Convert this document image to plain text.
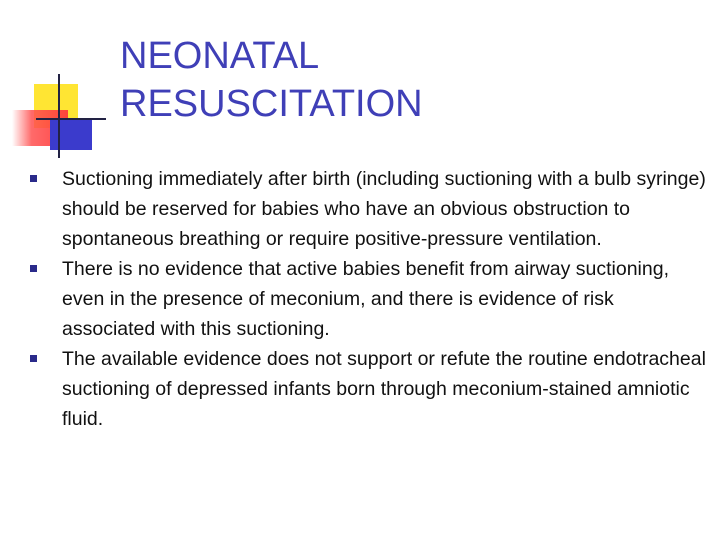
NEONATAL
RESUSCITATION
Suctioning immediately after birth (including suctioning with a bulb syringe) should be reserved for babies who have an obvious obstruction to spontaneous breathing or require positive-pressure ventilation.
There is no evidence that active babies benefit from airway suctioning, even in the presence of meconium, and there is evidence of risk associated with this suctioning.
The available evidence does not support or refute the routine endotracheal suctioning of depressed infants born through meconium-stained amniotic fluid.
